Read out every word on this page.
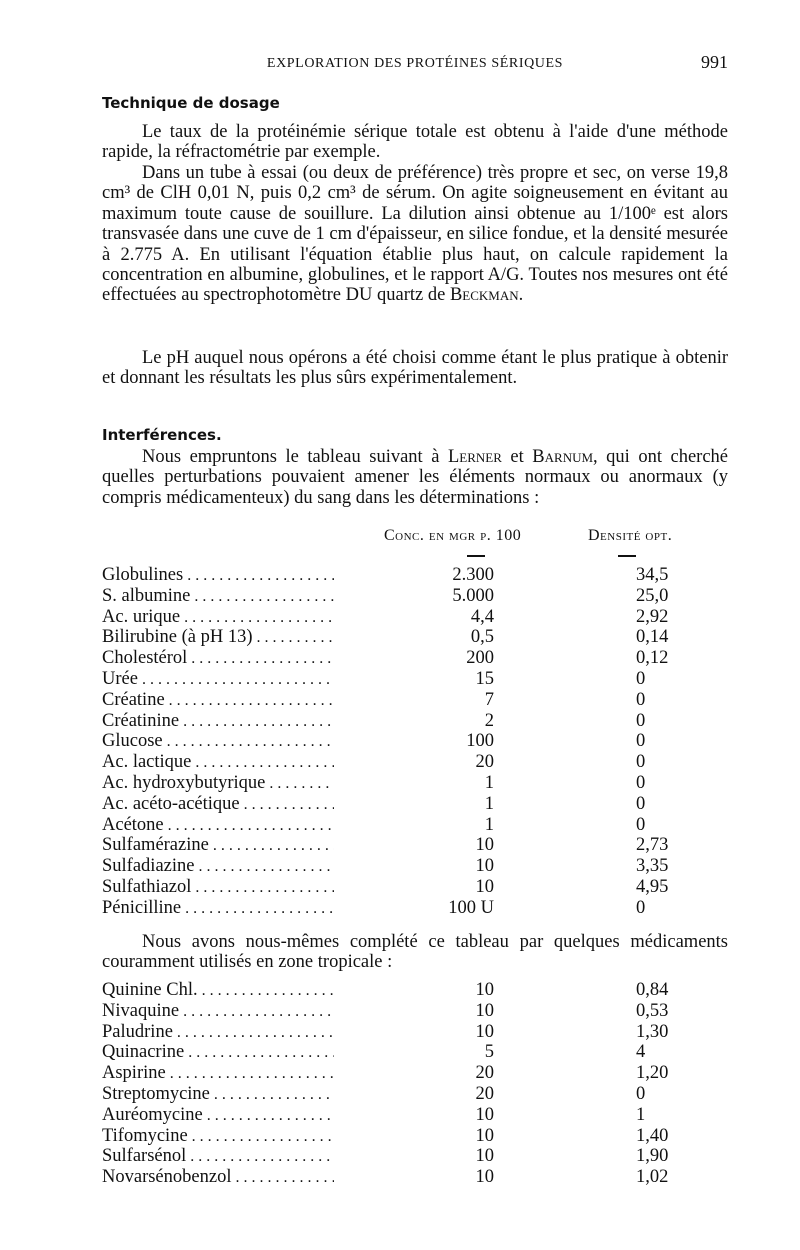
EXPLORATION DES PROTÉINES SÉRIQUES	991
Technique de dosage

Le taux de la protéinémie sérique totale est obtenu à l'aide d'une méthode rapide, la réfractométrie par exemple.

Dans un tube à essai (ou deux de préférence) très propre et sec, on verse 19,8 cm³ de ClH 0,01 N, puis 0,2 cm³ de sérum. On agite soigneusement en évitant au maximum toute cause de souillure. La dilution ainsi obtenue au 1/100ᵉ est alors transvasée dans une cuve de 1 cm d'épaisseur, en silice fondue, et la densité mesurée à 2.775 A. En utilisant l'équation établie plus haut, on calcule rapidement la concentration en albumine, globulines, et le rapport A/G. Toutes nos mesures ont été effectuées au spectrophotomètre DU quartz de Beckman.

Le pH auquel nous opérons a été choisi comme étant le plus pratique à obtenir et donnant les résultats les plus sûrs expérimentalement.

Interférences.

Nous empruntons le tableau suivant à Lerner et Barnum, qui ont cherché quelles perturbations pouvaient amener les éléments normaux ou anormaux (y compris médicamenteux) du sang dans les déterminations :

Conc. en mgr p. 100	Densité opt.
Globulines . . .	2.300	34,5
S. albumine . . .	5.000	25,0
Ac. urique . . .	4,4	2,92
Bilirubine (à pH 13) . . .	0,5	0,14
Cholestérol . . .	200	0,12
Urée . . .	15	0
Créatine . . .	7	0
Créatinine . . .	2	0
Glucose . . .	100	0
Ac. lactique . . .	20	0
Ac. hydroxybutyrique . . .	1	0
Ac. acéto-acétique . . .	1	0
Acétone . . .	1	0
Sulfamérazine . . .	10	2,73
Sulfadiazine . . .	10	3,35
Sulfathiazol . . .	10	4,95
Pénicilline . . .	100 U	0

Nous avons nous-mêmes complété ce tableau par quelques médicaments couramment utilisés en zone tropicale :

Quinine Chl. . . .	10	0,84
Nivaquine . . .	10	0,53
Paludrine . . .	10	1,30
Quinacrine . . .	5	4
Aspirine . . .	20	1,20
Streptomycine . . .	20	0
Auréomycine . . .	10	1
Tifomycine . . .	10	1,40
Sulfarsénol . . .	10	1,90
Novarsénobenzol . . .	10	1,02
